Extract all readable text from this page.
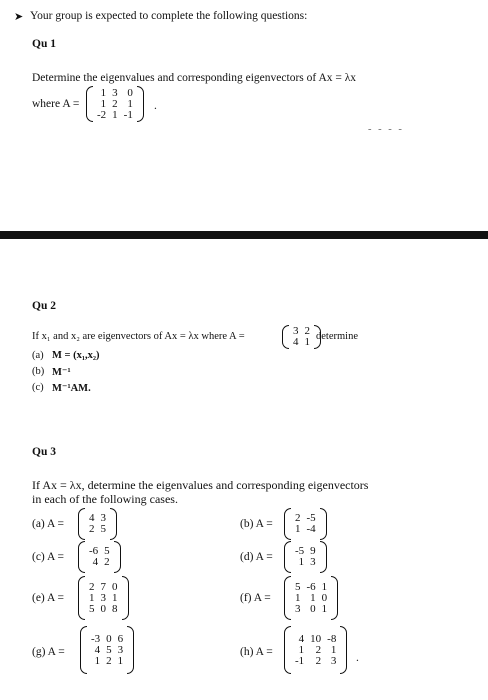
➤ Your group is expected to complete the following questions:
Qu 1
Determine the eigenvalues and corresponding eigenvectors of Ax = λx
where A =
1	3	0
1	2	1
-2	1	-1
.
- - - -
Qu 2
If x₁ and x₂ are eigenvectors of Ax = λx where A =	3	2
4	1 determine
(a) M = (x₁,x₂)
(b) M⁻¹
(c) M⁻¹AM.
Qu 3
If Ax = λx, determine the eigenvalues and corresponding eigenvectors
in each of the following cases.
(a) A = 4	3
2	5	(b) A = 2	-5
1	-4
(c) A = -6	5
4	2	(d) A = -5	9
1	3
(e) A =
2	7	0
1	3	1
5	0	8
(f) A =
5	-6	1
1	1	0
3	0	1
(g) A =
-3	0	6
4	5	3
1	2	1
(h) A =
4	10	-8
1	2	1
-1	2	3 .
